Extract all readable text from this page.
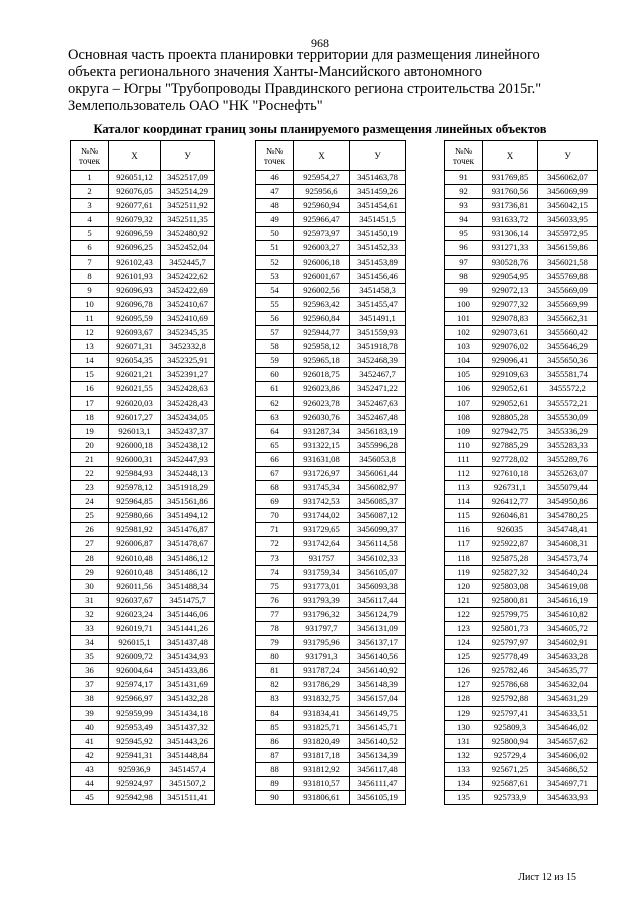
968
Основная часть проекта планировки территории для размещения линейного
объекта регионального значения Ханты-Мансийского автономного
округа – Югры "Трубопроводы Правдинского региона строительства 2015г."
Землепользователь ОАО "НК "Роснефть"
Каталог координат границ зоны планируемого размещения линейных объектов
№№
точек	X	У
1	926051,12	3452517,09
2	926076,05	3452514,29
3	926077,61	3452511,92
4	926079,32	3452511,35
5	926096,59	3452480,92
6	926096,25	3452452,04
7	926102,43	3452445,7
8	926101,93	3452422,62
9	926096,93	3452422,69
10	926096,78	3452410,67
11	926095,59	3452410,69
12	926093,67	3452345,35
13	926071,31	3452332,8
14	926054,35	3452325,91
15	926021,21	3452391,27
16	926021,55	3452428,63
17	926020,03	3452428,43
18	926017,27	3452434,05
19	926013,1	3452437,37
20	926000,18	3452438,12
21	926000,31	3452447,93
22	925984,93	3452448,13
23	925978,12	3451918,29
24	925964,85	3451561,86
25	925980,66	3451494,12
26	925981,92	3451476,87
27	926006,87	3451478,67
28	926010,48	3451486,12
29	926010,48	3451486,12
30	926011,56	3451488,34
31	926037,67	3451475,7
32	926023,24	3451446,06
33	926019,71	3451441,26
34	926015,1	3451437,48
35	926009,72	3451434,93
36	926004,64	3451433,86
37	925974,17	3451431,69
38	925966,97	3451432,28
39	925959,99	3451434,18
40	925953,49	3451437,32
41	925945,92	3451443,26
42	925941,31	3451448,84
43	925936,9	3451457,4
44	925924,97	3451507,2
45	925942,98	3451511,41
№№
точек	X	У
46	925954,27	3451463,78
47	925956,6	3451459,26
48	925960,94	3451454,61
49	925966,47	3451451,5
50	925973,97	3451450,19
51	926003,27	3451452,33
52	926006,18	3451453,89
53	926001,67	3451456,46
54	926002,56	3451458,3
55	925963,42	3451455,47
56	925960,84	3451491,1
57	925944,77	3451559,93
58	925958,12	3451918,78
59	925965,18	3452468,39
60	926018,75	3452467,7
61	926023,86	3452471,22
62	926023,78	3452467,63
63	926030,76	3452467,48
64	931287,34	3456183,19
65	931322,15	3455996,28
66	931631,08	3456053,8
67	931726,97	3456061,44
68	931745,34	3456082,97
69	931742,53	3456085,37
70	931744,02	3456087,12
71	931729,65	3456099,37
72	931742,64	3456114,58
73	931757	3456102,33
74	931759,34	3456105,07
75	931773,01	3456093,38
76	931793,39	3456117,44
77	931796,32	3456124,79
78	931797,7	3456131,09
79	931795,96	3456137,17
80	931791,3	3456140,56
81	931787,24	3456140,92
82	931786,29	3456148,39
83	931832,75	3456157,04
84	931834,41	3456149,75
85	931825,71	3456145,71
86	931820,49	3456140,52
87	931817,18	3456134,39
88	931812,92	3456117,48
89	931810,57	3456111,47
90	931806,61	3456105,19
№№
точек	X	У
91	931769,85	3456062,07
92	931760,56	3456069,99
93	931736,81	3456042,15
94	931633,72	3456033,95
95	931306,14	3455972,95
96	931271,33	3456159,86
97	930528,76	3456021,58
98	929054,95	3455769,88
99	929072,13	3455669,09
100	929077,32	3455669,99
101	929078,83	3455662,31
102	929073,61	3455660,42
103	929076,02	3455646,29
104	929096,41	3455650,36
105	929109,63	3455581,74
106	929052,61	3455572,2
107	929052,61	3455572,21
108	928805,28	3455530,09
109	927942,75	3455336,29
110	927885,29	3455283,33
111	927728,02	3455289,76
112	927610,18	3455263,07
113	926731,1	3455079,44
114	926412,77	3454950,86
115	926046,81	3454780,25
116	926035	3454748,41
117	925922,87	3454608,31
118	925875,28	3454573,74
119	925827,32	3454640,24
120	925803,08	3454619,08
121	925800,81	3454616,19
122	925799,75	3454610,82
123	925801,73	3454605,72
124	925797,97	3454602,91
125	925778,49	3454633,28
126	925782,46	3454635,77
127	925786,68	3454632,04
128	925792,88	3454631,29
129	925797,41	3454633,51
130	925809,3	3454646,02
131	925800,94	3454657,62
132	925729,4	3454606,02
133	925671,25	3454686,52
134	925687,61	3454697,71
135	925733,9	3454633,93
Лист 12 из 15
